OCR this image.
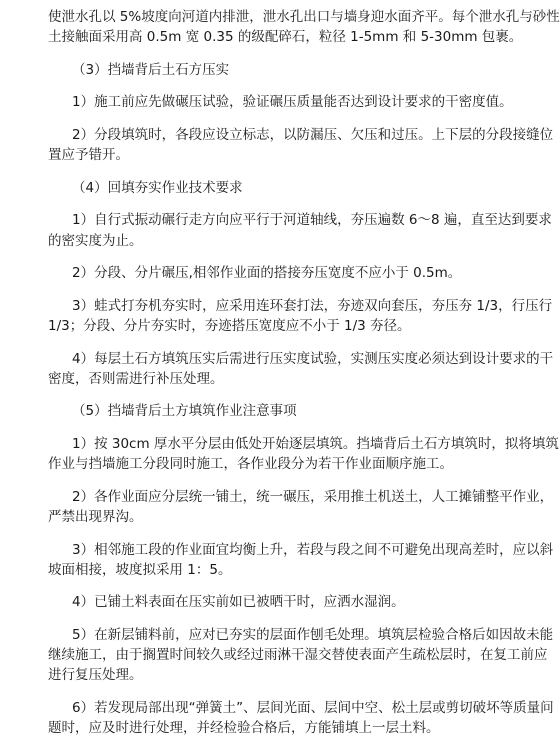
使泄水孔以 5%坡度向河道内排泄，泄水孔出口与墙身迎水面齐平。每个泄水孔与砂性
土接触面采用高 0.5m 宽 0.35 的级配碎石，粒径 1-5mm 和 5-30mm 包裹。
（3）挡墙背后土石方压实
1）施工前应先做碾压试验，验证碾压质量能否达到设计要求的干密度值。
2）分段填筑时，各段应设立标志，以防漏压、欠压和过压。上下层的分段接缝位
置应予错开。
（4）回填夯实作业技术要求
1）自行式振动碾行走方向应平行于河道轴线，夯压遍数 6～8 遍，直至达到要求
的密实度为止。
2）分段、分片碾压,相邻作业面的搭接夯压宽度不应小于 0.5m。
3）蛙式打夯机夯实时，应采用连环套打法，夯迹双向套压，夯压夯 1/3，行压行
1/3；分段、分片夯实时，夯迹搭压宽度应不小于 1/3 夯径。
4）每层土石方填筑压实后需进行压实度试验，实测压实度必须达到设计要求的干
密度，否则需进行补压处理。
（5）挡墙背后土方填筑作业注意事项
1）按 30cm 厚水平分层由低处开始逐层填筑。挡墙背后土石方填筑时，拟将填筑
作业与挡墙施工分段同时施工，各作业段分为若干作业面顺序施工。
2）各作业面应分层统一铺土，统一碾压，采用推土机送土，人工摊铺整平作业，
严禁出现界沟。
3）相邻施工段的作业面宜均衡上升，若段与段之间不可避免出现高差时，应以斜
坡面相接，坡度拟采用 1：5。
4）已铺土料表面在压实前如已被晒干时，应洒水湿润。
5）在新层铺料前，应对已夯实的层面作刨毛处理。填筑层检验合格后如因故未能
继续施工，由于搁置时间较久或经过雨淋干湿交替使表面产生疏松层时，在复工前应
进行复压处理。
6）若发现局部出现“弹簧土”、层间光面、层间中空、松土层或剪切破坏等质量问
题时，应及时进行处理，并经检验合格后，方能铺填上一层土料。
